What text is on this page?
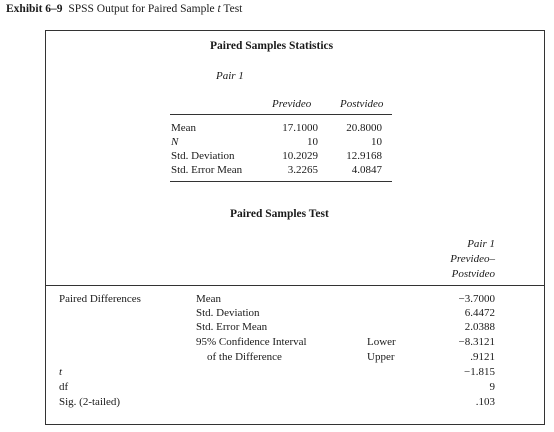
Exhibit 6–9 SPSS Output for Paired Sample t Test
Paired Samples Statistics
Pair 1
Prevideo	Postvideo
Mean	17.1000	20.8000
N	10	10
Std. Deviation	10.2029	12.9168
Std. Error Mean	3.2265	4.0847
Paired Samples Test
Pair 1
Prevideo–
Postvideo
Paired Differences	Mean	−3.7000
Std. Deviation	6.4472
Std. Error Mean	2.0388
95% Confidence Interval	Lower	−8.3121
of the Difference	Upper	.9121
t	−1.815
df	9
Sig. (2-tailed)	.103
